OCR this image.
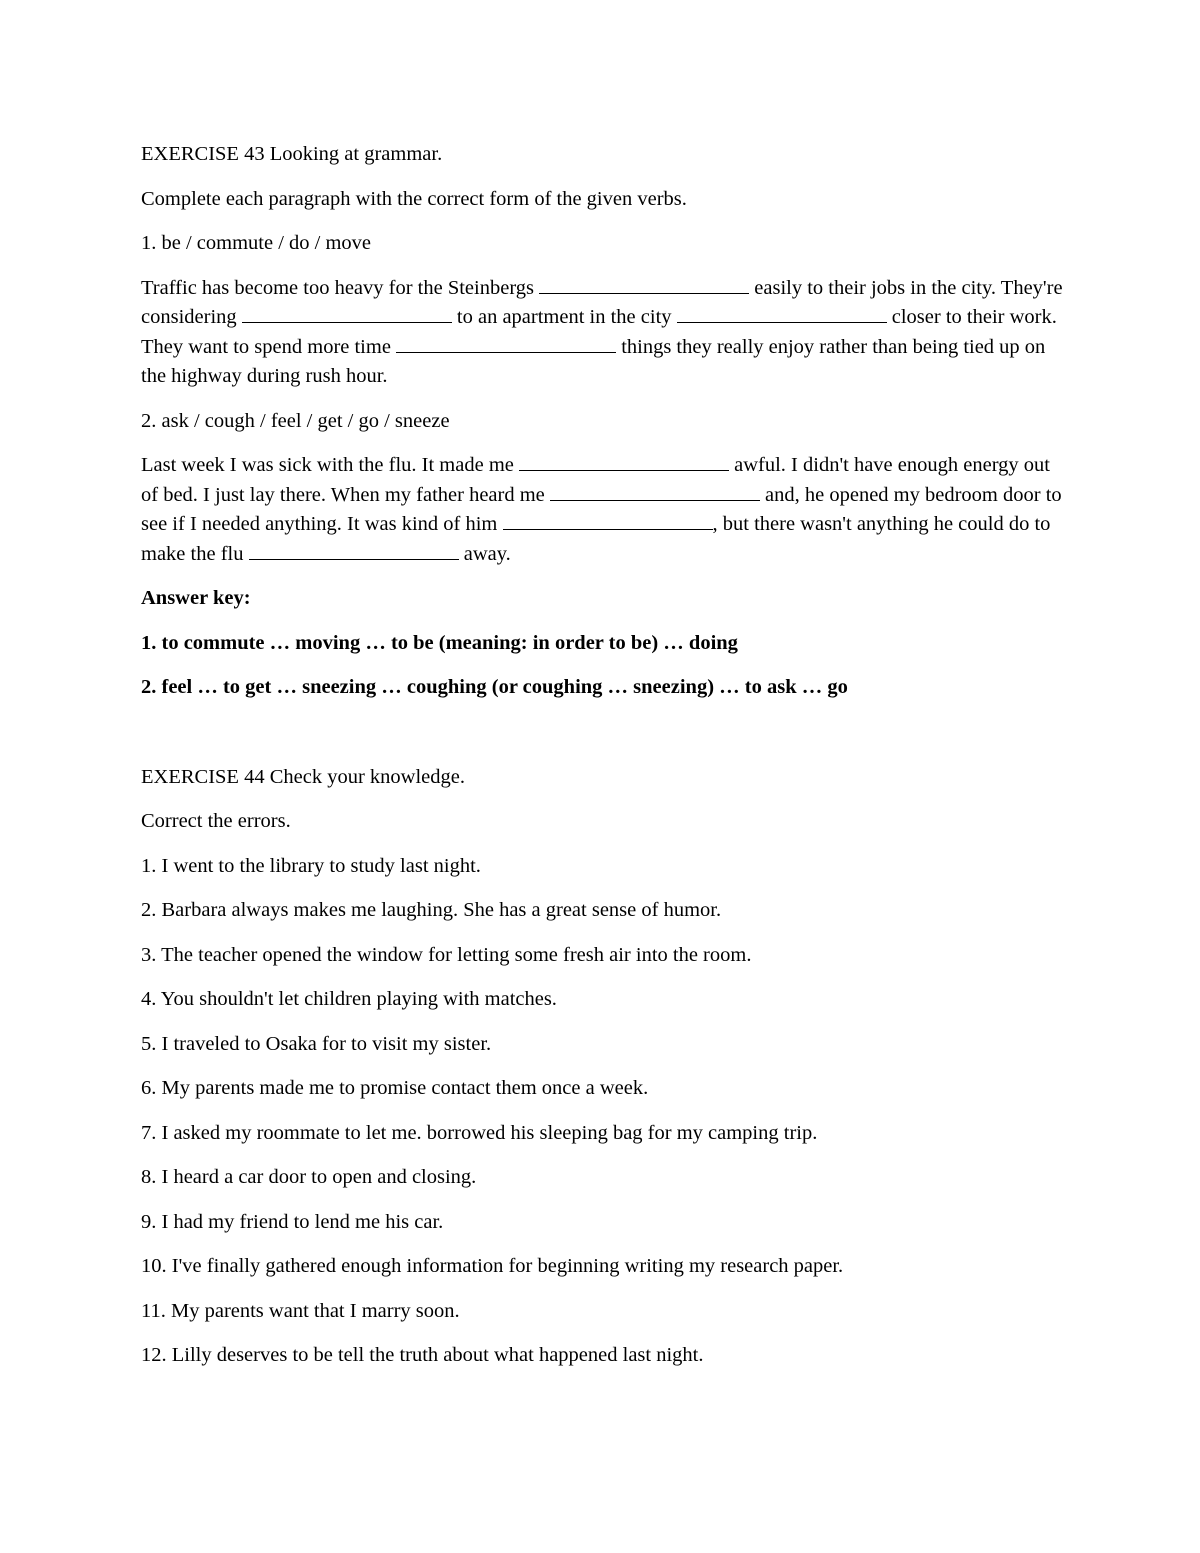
EXERCISE 43 Looking at grammar.

Complete each paragraph with the correct form of the given verbs.

1. be / commute / do / move

Traffic has become too heavy for the Steinbergs	easily to their jobs in the city. They're considering	to an apartment in the city	closer to their work. They want to spend more time	things they really enjoy rather than being tied up on the highway during rush hour.

2. ask / cough / feel / get / go / sneeze

Last week I was sick with the flu. It made me	awful. I didn't have enough energy out of bed. I just lay there. When my father heard me	and, he opened my bedroom door to see if I needed anything. It was kind of him	, but there wasn't anything he could do to make the flu	away.

Answer key:

1. to commute … moving … to be (meaning: in order to be) … doing

2. feel … to get … sneezing … coughing (or coughing … sneezing) … to ask … go

EXERCISE 44 Check your knowledge.

Correct the errors.

1. I went to the library to study last night.

2. Barbara always makes me laughing. She has a great sense of humor.

3. The teacher opened the window for letting some fresh air into the room.

4. You shouldn't let children playing with matches.

5. I traveled to Osaka for to visit my sister.

6. My parents made me to promise contact them once a week.

7. I asked my roommate to let me. borrowed his sleeping bag for my camping trip.

8. I heard a car door to open and closing.

9. I had my friend to lend me his car.

10. I've finally gathered enough information for beginning writing my research paper.

11. My parents want that I marry soon.

12. Lilly deserves to be tell the truth about what happened last night.
